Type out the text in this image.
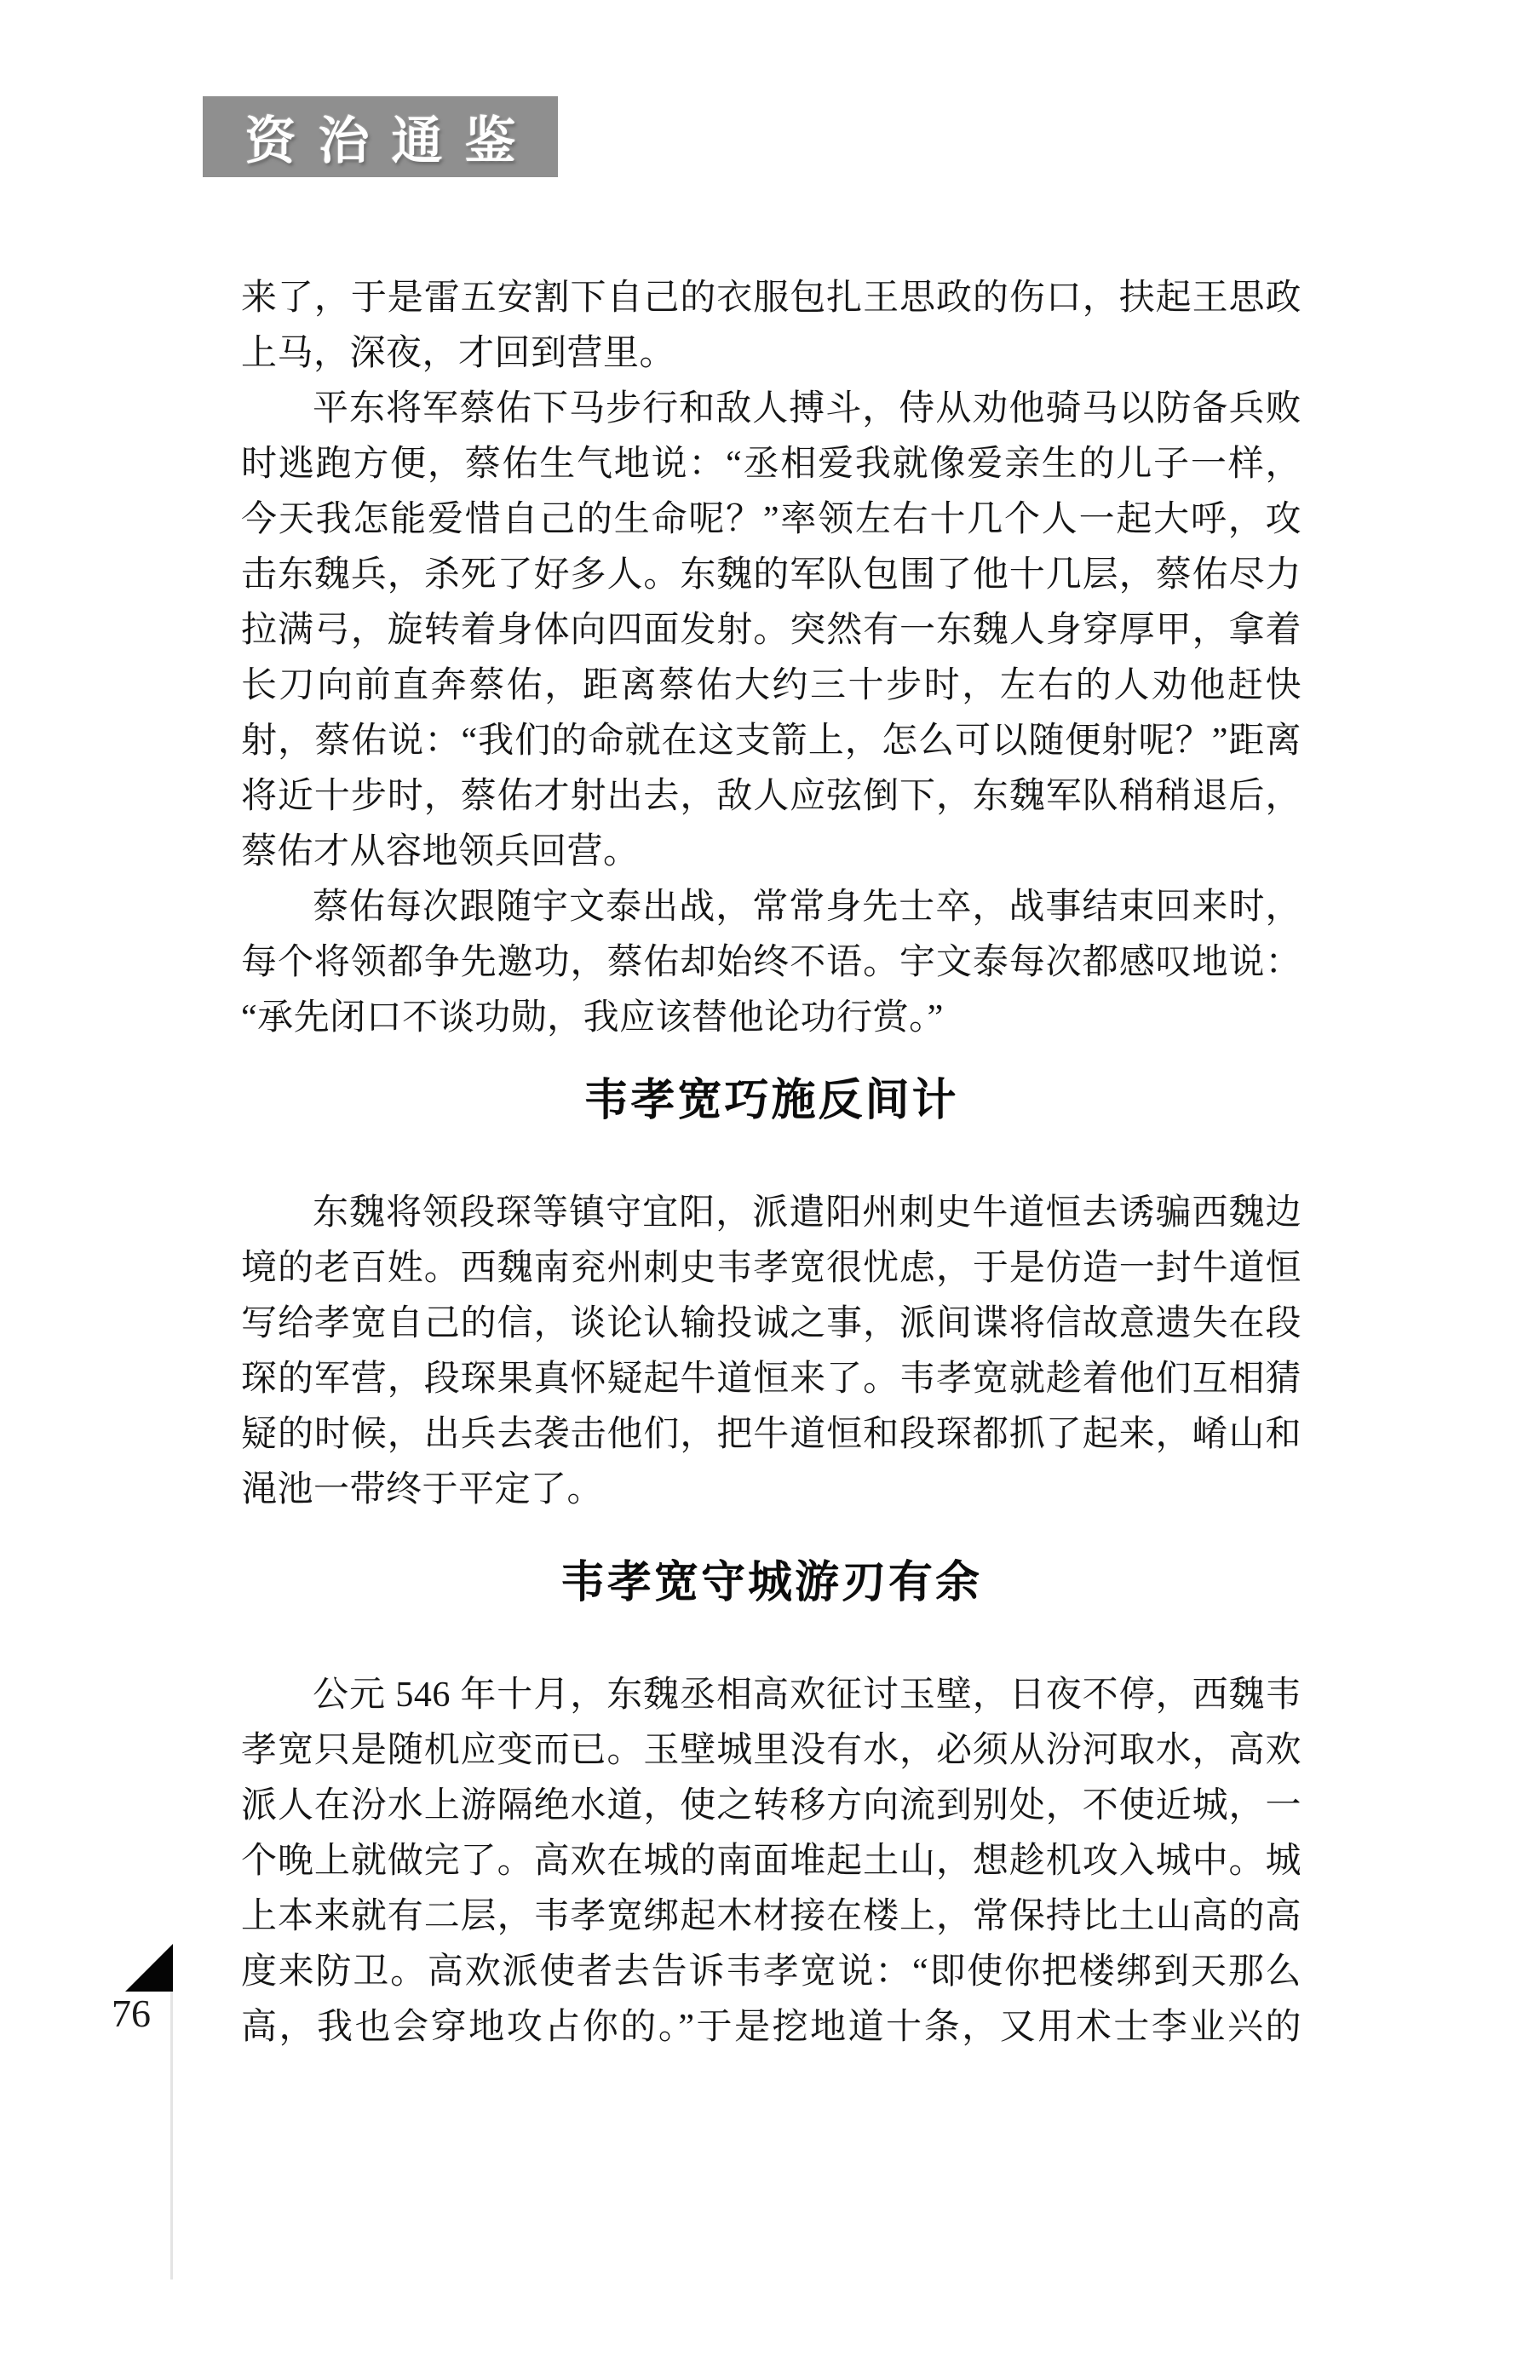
资治通鉴
来了，于是雷五安割下自己的衣服包扎王思政的伤口，扶起王思政
上马，深夜，才回到营里。
平东将军蔡佑下马步行和敌人搏斗，侍从劝他骑马以防备兵败
时逃跑方便，蔡佑生气地说：“丞相爱我就像爱亲生的儿子一样，
今天我怎能爱惜自己的生命呢？”率领左右十几个人一起大呼，攻
击东魏兵，杀死了好多人。东魏的军队包围了他十几层，蔡佑尽力
拉满弓，旋转着身体向四面发射。突然有一东魏人身穿厚甲，拿着
长刀向前直奔蔡佑，距离蔡佑大约三十步时，左右的人劝他赶快
射，蔡佑说：“我们的命就在这支箭上，怎么可以随便射呢？”距离
将近十步时，蔡佑才射出去，敌人应弦倒下，东魏军队稍稍退后，
蔡佑才从容地领兵回营。
蔡佑每次跟随宇文泰出战，常常身先士卒，战事结束回来时，
每个将领都争先邀功，蔡佑却始终不语。宇文泰每次都感叹地说：
“承先闭口不谈功勋，我应该替他论功行赏。”
韦孝宽巧施反间计
东魏将领段琛等镇守宜阳，派遣阳州刺史牛道恒去诱骗西魏边
境的老百姓。西魏南兖州刺史韦孝宽很忧虑，于是仿造一封牛道恒
写给孝宽自己的信，谈论认输投诚之事，派间谍将信故意遗失在段
琛的军营，段琛果真怀疑起牛道恒来了。韦孝宽就趁着他们互相猜
疑的时候，出兵去袭击他们，把牛道恒和段琛都抓了起来，崤山和
渑池一带终于平定了。
韦孝宽守城游刃有余
公元 546 年十月，东魏丞相高欢征讨玉壁，日夜不停，西魏韦
孝宽只是随机应变而已。玉壁城里没有水，必须从汾河取水，高欢
派人在汾水上游隔绝水道，使之转移方向流到别处，不使近城，一
个晚上就做完了。高欢在城的南面堆起土山，想趁机攻入城中。城
上本来就有二层，韦孝宽绑起木材接在楼上，常保持比土山高的高
度来防卫。高欢派使者去告诉韦孝宽说：“即使你把楼绑到天那么
高，我也会穿地攻占你的。”于是挖地道十条，又用术士李业兴的
76
